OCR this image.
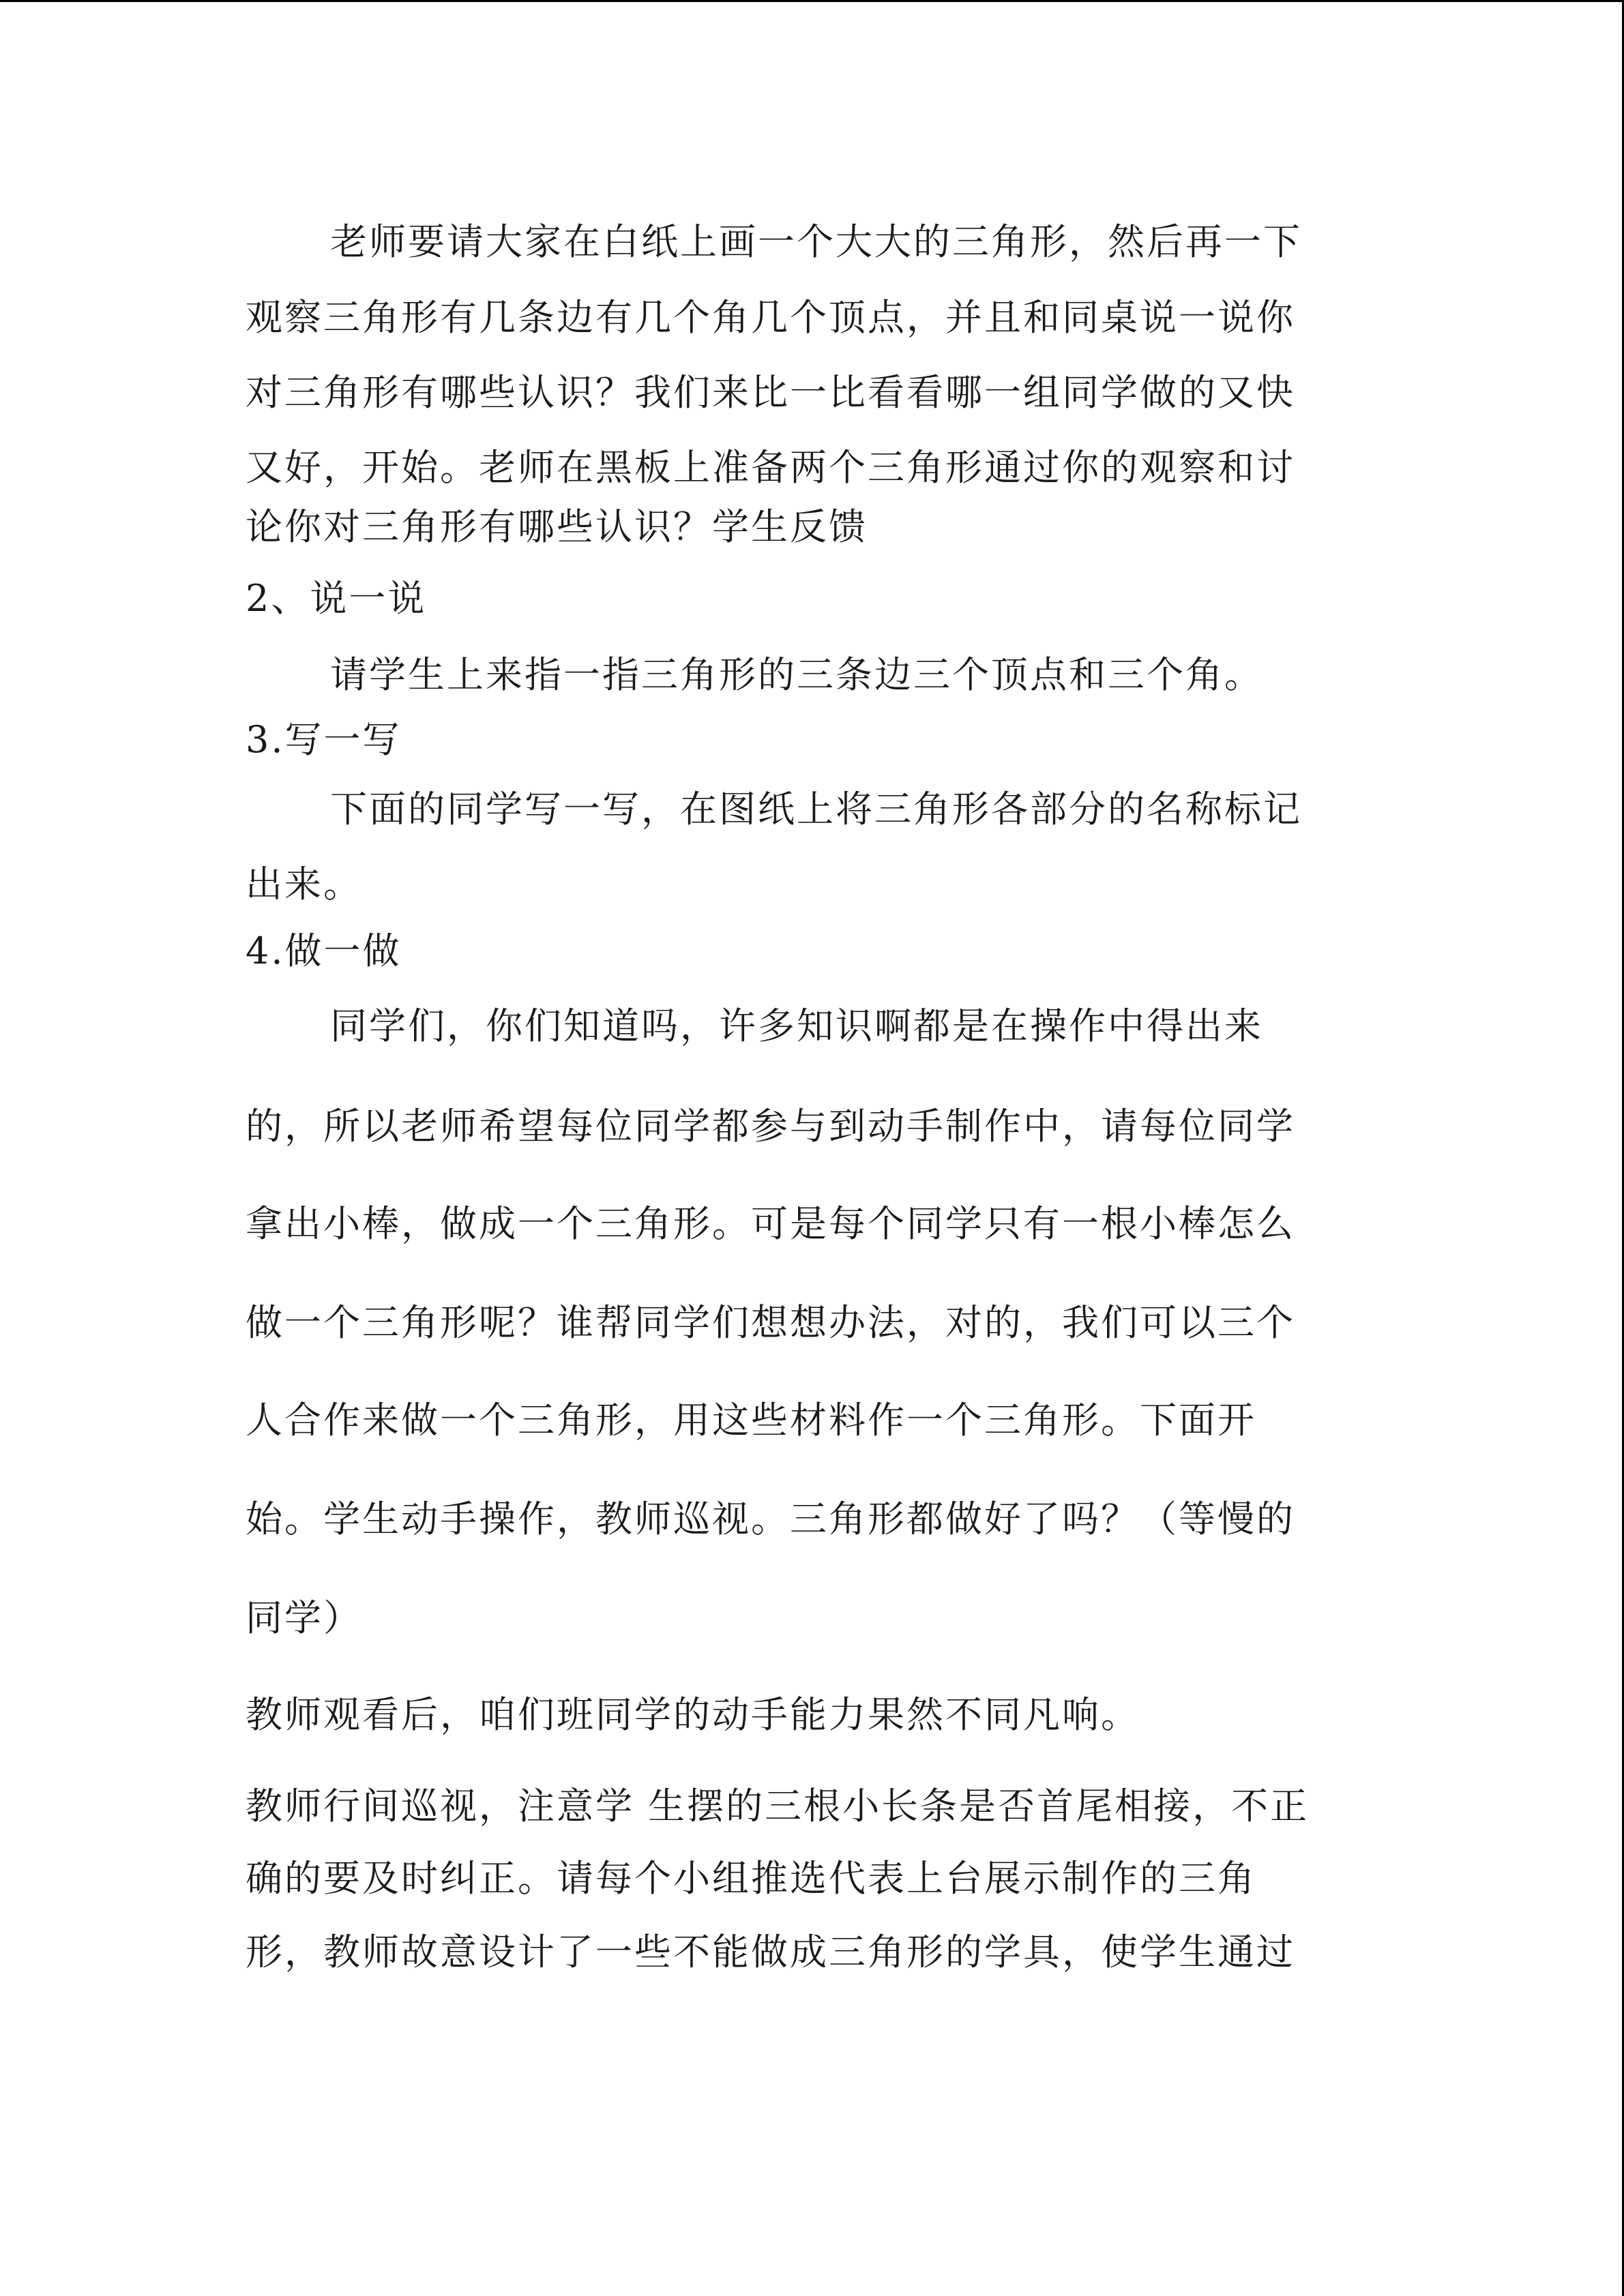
老师要请大家在白纸上画一个大大的三角形，然后再一下
观察三角形有几条边有几个角几个顶点，并且和同桌说一说你
对三角形有哪些认识？我们来比一比看看哪一组同学做的又快
又好，开始。老师在黑板上准备两个三角形通过你的观察和讨
论你对三角形有哪些认识？学生反馈
2、说一说
请学生上来指一指三角形的三条边三个顶点和三个角。
3.写一写
下面的同学写一写，在图纸上将三角形各部分的名称标记
出来。
4.做一做
同学们，你们知道吗，许多知识啊都是在操作中得出来
的，所以老师希望每位同学都参与到动手制作中，请每位同学
拿出小棒，做成一个三角形。可是每个同学只有一根小棒怎么
做一个三角形呢？谁帮同学们想想办法，对的，我们可以三个
人合作来做一个三角形，用这些材料作一个三角形。下面开
始。学生动手操作，教师巡视。三角形都做好了吗？（等慢的
同学）
教师观看后，咱们班同学的动手能力果然不同凡响。
教师行间巡视，注意学 生摆的三根小长条是否首尾相接，不正
确的要及时纠正。请每个小组推选代表上台展示制作的三角
形，教师故意设计了一些不能做成三角形的学具，使学生通过
